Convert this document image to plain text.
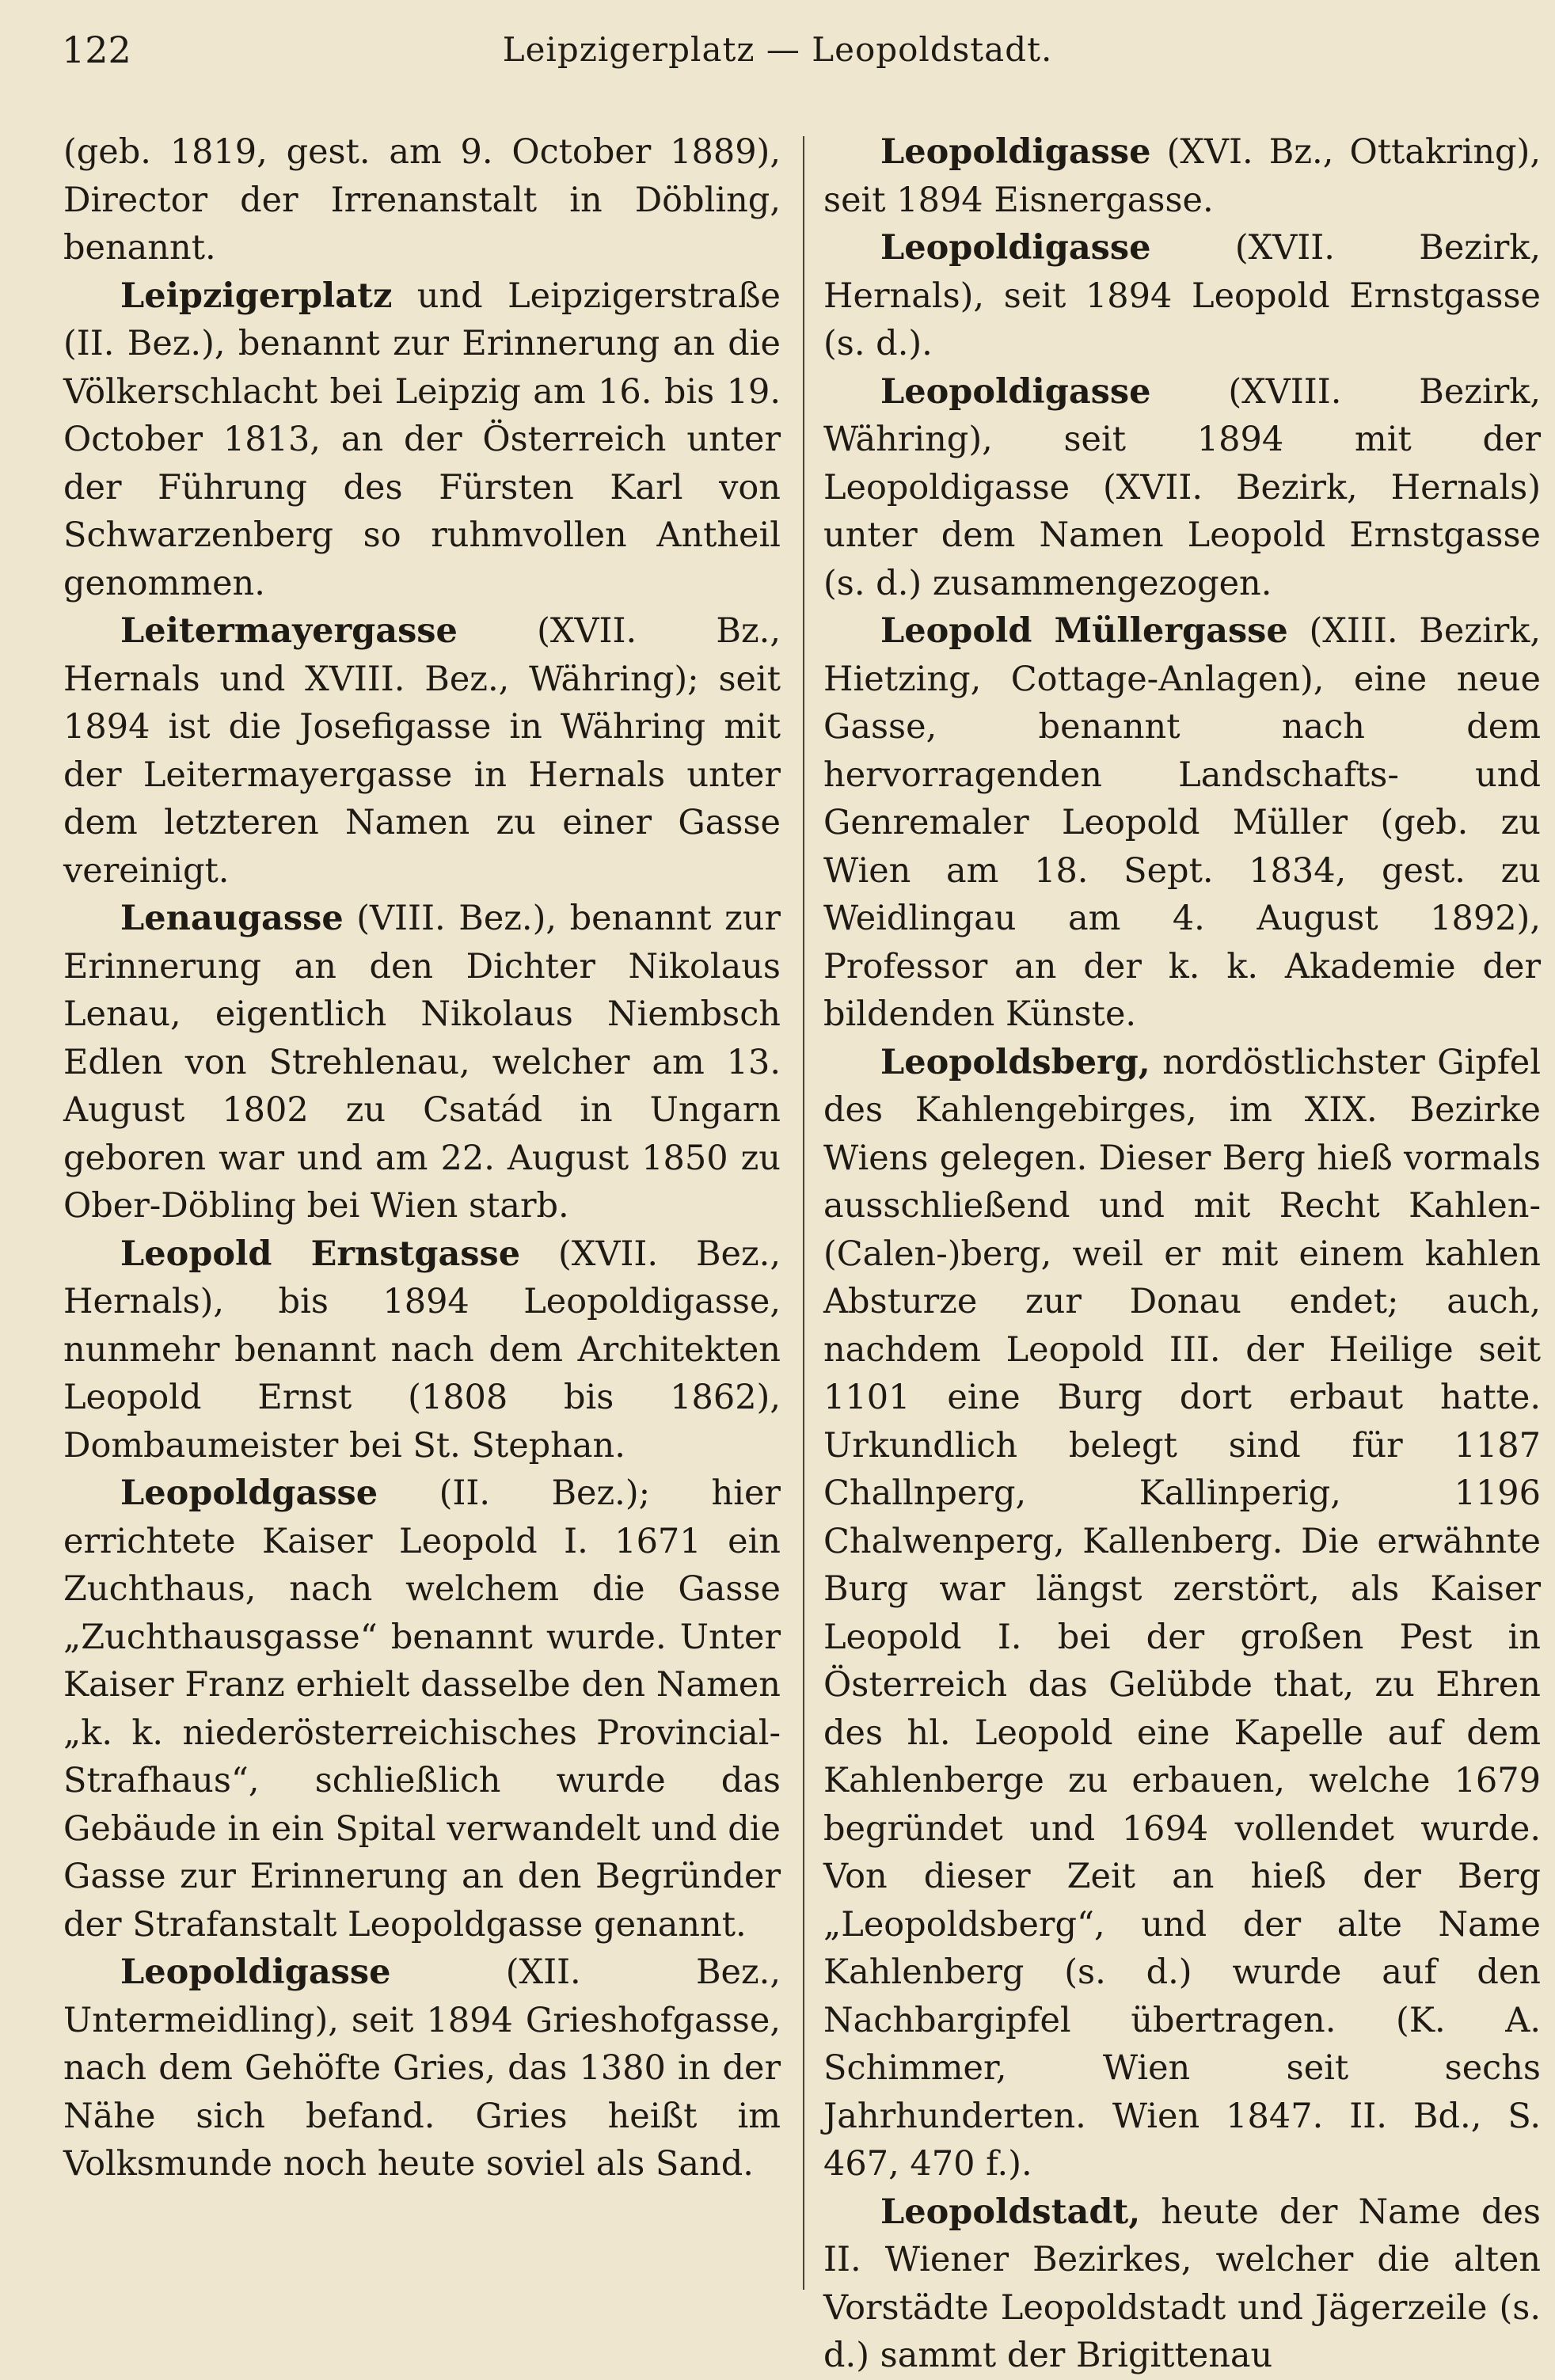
122	Leipzigerplatz — Leopoldstadt.

(geb. 1819, gest. am 9. October 1889), Director der Irrenanstalt in Döbling, benannt.

Leipzigerplatz und Leipzigerstraße (II. Bez.), benannt zur Erinnerung an die Völkerschlacht bei Leipzig am 16. bis 19. October 1813, an der Österreich unter der Führung des Fürsten Karl von Schwarzenberg so ruhmvollen Antheil genommen.

Leitermayergasse (XVII. Bz., Hernals und XVIII. Bez., Währing); seit 1894 ist die Josefigasse in Währing mit der Leitermayergasse in Hernals unter dem letzteren Namen zu einer Gasse vereinigt.

Lenaugasse (VIII. Bez.), benannt zur Erinnerung an den Dichter Nikolaus Lenau, eigentlich Nikolaus Niembsch Edlen von Strehlenau, welcher am 13. August 1802 zu Csatád in Ungarn geboren war und am 22. August 1850 zu Ober-Döbling bei Wien starb.

Leopold Ernstgasse (XVII. Bez., Hernals), bis 1894 Leopoldigasse, nunmehr benannt nach dem Architekten Leopold Ernst (1808 bis 1862), Dombaumeister bei St. Stephan.

Leopoldgasse (II. Bez.); hier errichtete Kaiser Leopold I. 1671 ein Zuchthaus, nach welchem die Gasse „Zuchthausgasse“ benannt wurde. Unter Kaiser Franz erhielt dasselbe den Namen „k. k. niederösterreichisches Provincial-Strafhaus“, schließlich wurde das Gebäude in ein Spital verwandelt und die Gasse zur Erinnerung an den Begründer der Strafanstalt Leopoldgasse genannt.

Leopoldigasse (XII. Bez., Untermeidling), seit 1894 Grieshofgasse, nach dem Gehöfte Gries, das 1380 in der Nähe sich befand. Gries heißt im Volksmunde noch heute soviel als Sand.

Leopoldigasse (XVI. Bz., Ottakring), seit 1894 Eisnergasse.

Leopoldigasse (XVII. Bezirk, Hernals), seit 1894 Leopold Ernstgasse (s. d.).

Leopoldigasse (XVIII. Bezirk, Währing), seit 1894 mit der Leopoldigasse (XVII. Bezirk, Hernals) unter dem Namen Leopold Ernstgasse (s. d.) zusammengezogen.

Leopold Müllergasse (XIII. Bezirk, Hietzing, Cottage-Anlagen), eine neue Gasse, benannt nach dem hervorragenden Landschafts- und Genremaler Leopold Müller (geb. zu Wien am 18. Sept. 1834, gest. zu Weidlingau am 4. August 1892), Professor an der k. k. Akademie der bildenden Künste.

Leopoldsberg, nordöstlichster Gipfel des Kahlengebirges, im XIX. Bezirke Wiens gelegen. Dieser Berg hieß vormals ausschließend und mit Recht Kahlen-(Calen-)berg, weil er mit einem kahlen Absturze zur Donau endet; auch, nachdem Leopold III. der Heilige seit 1101 eine Burg dort erbaut hatte. Urkundlich belegt sind für 1187 Challnperg, Kallinperig, 1196 Chalwenperg, Kallenberg. Die erwähnte Burg war längst zerstört, als Kaiser Leopold I. bei der großen Pest in Österreich das Gelübde that, zu Ehren des hl. Leopold eine Kapelle auf dem Kahlenberge zu erbauen, welche 1679 begründet und 1694 vollendet wurde. Von dieser Zeit an hieß der Berg „Leopoldsberg“, und der alte Name Kahlenberg (s. d.) wurde auf den Nachbargipfel übertragen. (K. A. Schimmer, Wien seit sechs Jahrhunderten. Wien 1847. II. Bd., S. 467, 470 f.).

Leopoldstadt, heute der Name des II. Wiener Bezirkes, welcher die alten Vorstädte Leopoldstadt und Jägerzeile (s. d.) sammt der Brigittenau
